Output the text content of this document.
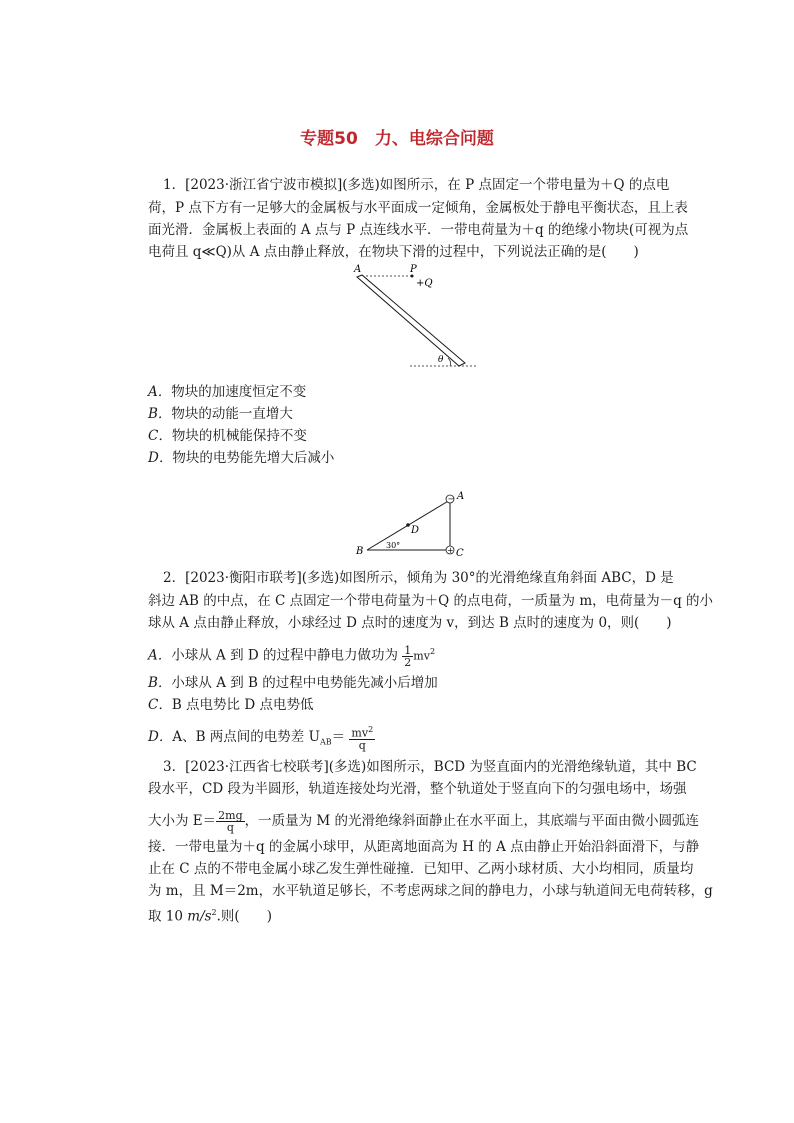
专题50　力、电综合问题
1．[2023·浙江省宁波市模拟](多选)如图所示，在 P 点固定一个带电量为＋Q 的点电
荷，P 点下方有一足够大的金属板与水平面成一定倾角，金属板处于静电平衡状态，且上表
面光滑．金属板上表面的 A 点与 P 点连线水平．一带电荷量为＋q 的绝缘小物块(可视为点
电荷且 q≪Q)从 A 点由静止释放，在物块下滑的过程中，下列说法正确的是(　　)
A	P
+Q
θ
A．物块的加速度恒定不变
B．物块的动能一直增大
C．物块的机械能保持不变
D．物块的电势能先增大后减小
−
+
D
A
B	C
30°
2．[2023·衡阳市联考](多选)如图所示，倾角为 30°的光滑绝缘直角斜面 ABC，D 是
斜边 AB 的中点，在 C 点固定一个带电荷量为＋Q 的点电荷，一质量为 m，电荷量为－q 的小
球从 A 点由静止释放，小球经过 D 点时的速度为 v，到达 B 点时的速度为 0，则(　　)
A．小球从 A 到 D 的过程中静电力做功为 $\frac{1}{2} mv^2$
B．小球从 A 到 B 的过程中电势能先减小后增加
C．B 点电势比 D 点电势低
D．A、B 两点间的电势差 $U_{AB}= \frac{mv^2}{q}$
3．[2023·江西省七校联考](多选)如图所示，BCD 为竖直面内的光滑绝缘轨道，其中 BC
段水平，CD 段为半圆形，轨道连接处均光滑，整个轨道处于竖直向下的匀强电场中，场强
大小为 $E= \frac{2mg}{q}$ ，一质量为 M 的光滑绝缘斜面静止在水平面上，其底端与平面由微小圆弧连
接．一带电量为＋q 的金属小球甲，从距离地面高为 H 的 A 点由静止开始沿斜面滑下，与静
止在 C 点的不带电金属小球乙发生弹性碰撞．已知甲、乙两小球材质、大小均相同，质量均
为 m，且 M＝2m，水平轨道足够长，不考虑两球之间的静电力，小球与轨道间无电荷转移，g
取 10 $m/s^2$.则(　　)
